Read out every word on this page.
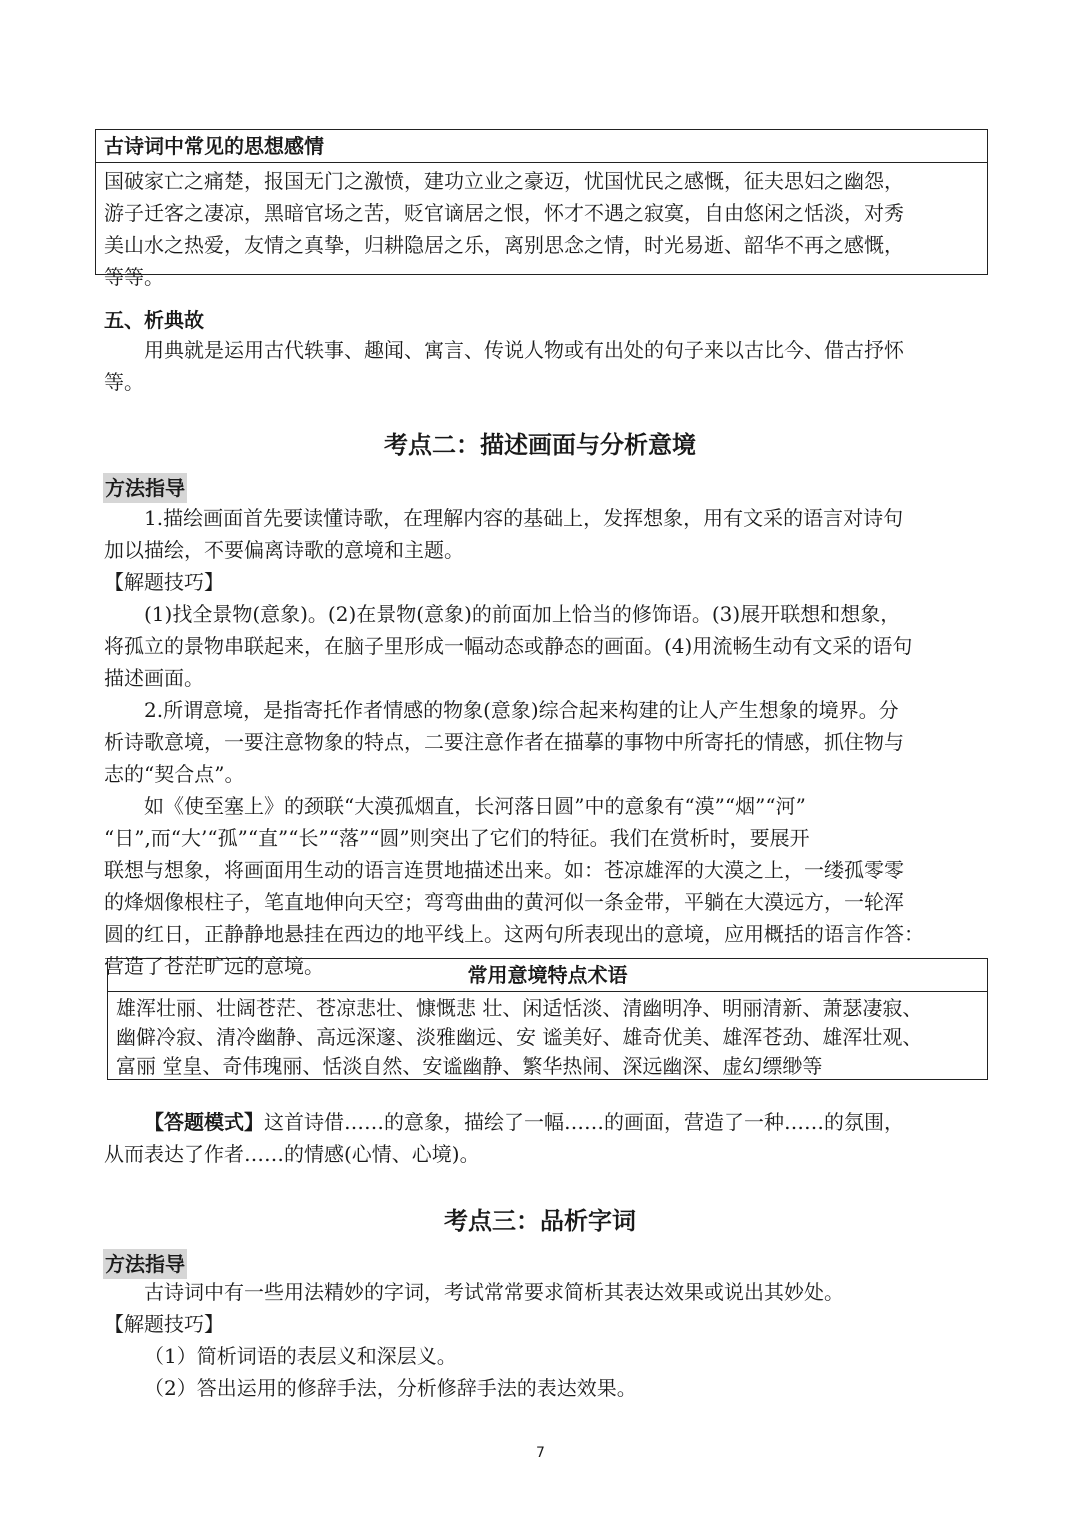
古诗词中常见的思想感情
国破家亡之痛楚，报国无门之激愤，建功立业之豪迈，忧国忧民之感慨，征夫思妇之幽怨，
游子迁客之凄凉，黑暗官场之苦，贬官谪居之恨，怀才不遇之寂寞，自由悠闲之恬淡，对秀
美山水之热爱，友情之真挚，归耕隐居之乐，离别思念之情，时光易逝、韶华不再之感慨，
等等。
五、析典故
用典就是运用古代轶事、趣闻、寓言、传说人物或有出处的句子来以古比今、借古抒怀
等。
考点二：描述画面与分析意境
方法指导
1.描绘画面首先要读懂诗歌，在理解内容的基础上，发挥想象，用有文采的语言对诗句
加以描绘，不要偏离诗歌的意境和主题。
【解题技巧】
(1)找全景物(意象)。(2)在景物(意象)的前面加上恰当的修饰语。(3)展开联想和想象，
将孤立的景物串联起来，在脑子里形成一幅动态或静态的画面。(4)用流畅生动有文采的语句
描述画面。
2.所谓意境，是指寄托作者情感的物象(意象)综合起来构建的让人产生想象的境界。分
析诗歌意境，一要注意物象的特点，二要注意作者在描摹的事物中所寄托的情感，抓住物与
志的“契合点”。
如《使至塞上》的颈联“大漠孤烟直，长河落日圆”中的意象有“漠”“烟”“河”
“日”,而“大’“孤”“直”“长”“落”“圆”则突出了它们的特征。我们在赏析时，要展开
联想与想象，将画面用生动的语言连贯地描述出来。如：苍凉雄浑的大漠之上，一缕孤零零
的烽烟像根柱子，笔直地伸向天空；弯弯曲曲的黄河似一条金带，平躺在大漠远方，一轮浑
圆的红日，正静静地悬挂在西边的地平线上。这两句所表现出的意境，应用概括的语言作答：
营造了苍茫旷远的意境。	常用意境特点术语
雄浑壮丽、壮阔苍茫、苍凉悲壮、慷慨悲 壮、闲适恬淡、清幽明净、明丽清新、萧瑟凄寂、
幽僻冷寂、清冷幽静、高远深邃、淡雅幽远、安 谧美好、雄奇优美、雄浑苍劲、雄浑壮观、
富丽 堂皇、奇伟瑰丽、恬淡自然、安谧幽静、繁华热闹、深远幽深、虚幻缥缈等
【答题模式】这首诗借……的意象，描绘了一幅……的画面，营造了一种……的氛围，
从而表达了作者……的情感(心情、心境)。
考点三：品析字词
方法指导
古诗词中有一些用法精妙的字词，考试常常要求简析其表达效果或说出其妙处。
【解题技巧】
（1）简析词语的表层义和深层义。
（2）答出运用的修辞手法，分析修辞手法的表达效果。
7
